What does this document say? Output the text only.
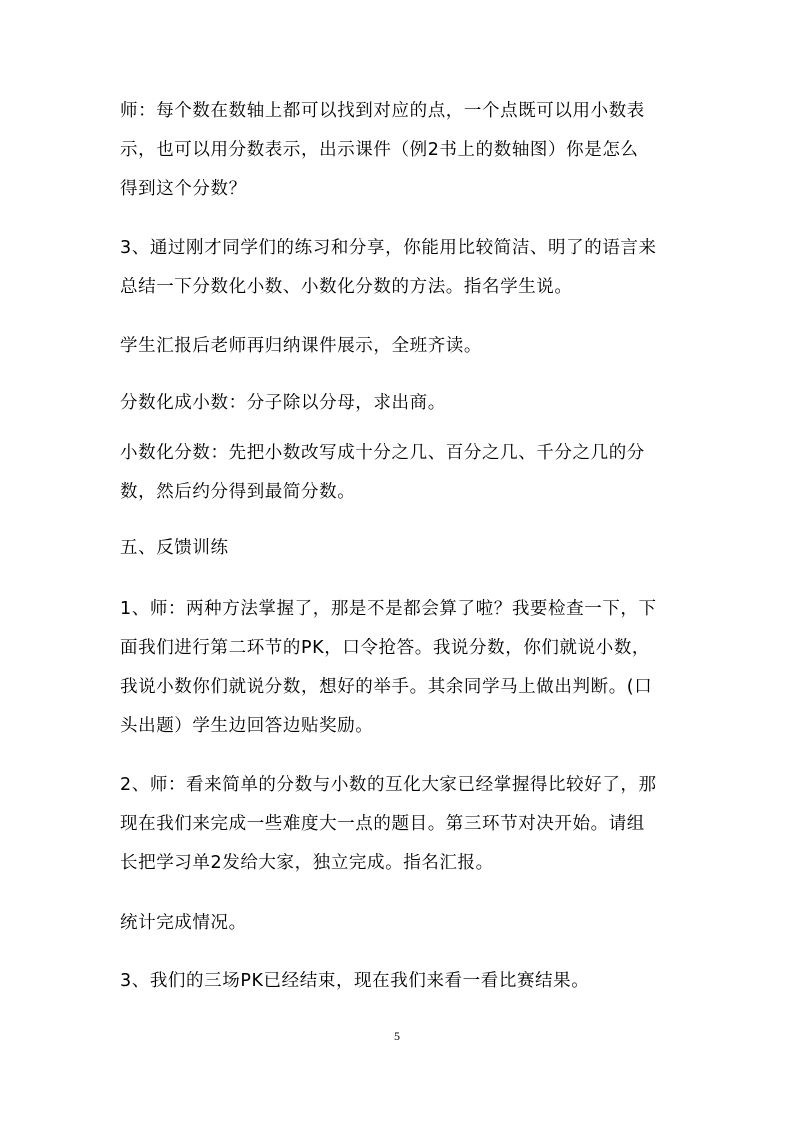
师：每个数在数轴上都可以找到对应的点，一个点既可以用小数表
示，也可以用分数表示，出示课件（例2书上的数轴图）你是怎么
得到这个分数？
3、通过刚才同学们的练习和分享，你能用比较简洁、明了的语言来
总结一下分数化小数、小数化分数的方法。指名学生说。
学生汇报后老师再归纳课件展示，全班齐读。
分数化成小数：分子除以分母，求出商。
小数化分数：先把小数改写成十分之几、百分之几、千分之几的分
数，然后约分得到最简分数。
五、反馈训练
1、师：两种方法掌握了，那是不是都会算了啦？我要检查一下，下
面我们进行第二环节的PK，口令抢答。我说分数，你们就说小数，
我说小数你们就说分数，想好的举手。其余同学马上做出判断。(口
头出题）学生边回答边贴奖励。
2、师：看来简单的分数与小数的互化大家已经掌握得比较好了，那
现在我们来完成一些难度大一点的题目。第三环节对决开始。请组
长把学习单2发给大家，独立完成。指名汇报。
统计完成情况。
3、我们的三场PK已经结束，现在我们来看一看比赛结果。
5
